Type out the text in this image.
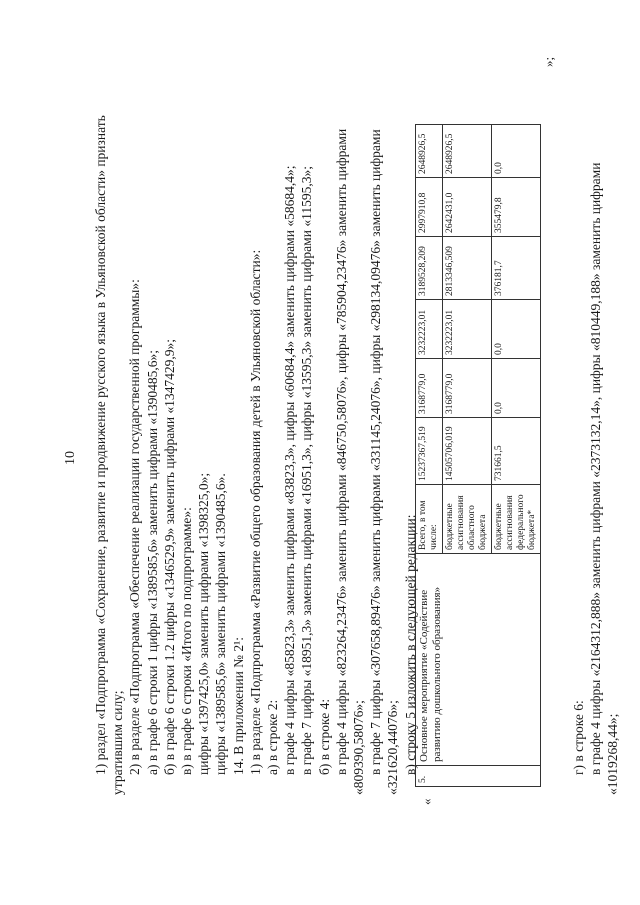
10 1) раздел «Подпрограмма «Сохранение, развитие и продвижение русского языка в Ульяновской области» признать утратившим силу; 2) в разделе «Подпрограмма «Обеспечение реализации государственной программы»: а) в графе 6 строки 1 цифры «1389585,6» заменить цифрами «1390485,6»; б) в графе 6 строки 1.2 цифры «1346529,9» заменить цифрами «1347429,9»; в) в графе 6 строки «Итого по подпрограмме»: цифры «1397425,0» заменить цифрами «1398325,0»; цифры «1389585,6» заменить цифрами «1390485,6». 14. В приложении № 2¹: 1) в разделе «Подпрограмма «Развитие общего образования детей в Ульяновской области»: а) в строке 2: в графе 4 цифры «85823,3» заменить цифрами «83823,3», цифры «60684,4» заменить цифрами «58684,4»; в графе 7 цифры «18951,3» заменить цифрами «16951,3», цифры «13595,3» заменить цифрами «11595,3»; б) в строке 4: в графе 4 цифры «823264,23476» заменить цифрами «846750,58076», цифры «785904,23476» заменить цифрами «809390,58076»; в графе 7 цифры «307658,89476» заменить цифрами «331145,24076», цифры «298134,09476» заменить цифрами «321620,44076»; в) строку 5 изложить в следующей редакции:

«
5.	Основное мероприятие «Содействие развитию дошкольного образования»	Всего, в том числе:	15237367,519	3168779,0	3232223,01	3189528,209	2997910,8	2648926,5
		бюджетные ассигнования областного бюджета	14505706,019	3168779,0	3232223,01	2813346,509	2642431,0	2648926,5
		бюджетные ассигнования федерального бюджета*	731661,5	0,0	0,0	376181,7	355479,8	0,0
»;

г) в строке 6: в графе 4 цифры «2164312,888» заменить цифрами «2373132,14», цифры «810449,188» заменить цифрами «1019268,44»;
